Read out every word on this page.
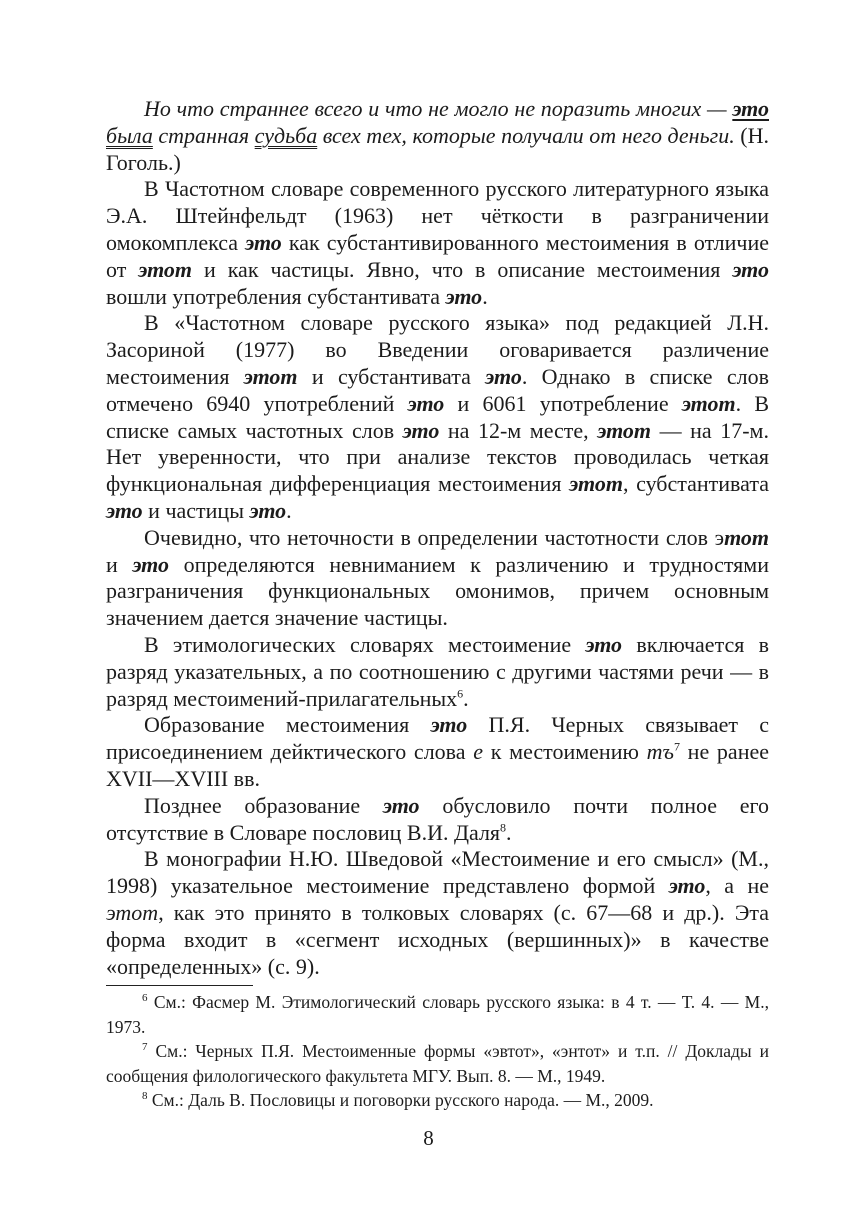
Но что страннее всего и что не могло не поразить многих — это была странная судьба всех тех, которые получали от него деньги. (Н. Гоголь.)

В Частотном словаре современного русского литературного языка Э.А. Штейнфельдт (1963) нет чёткости в разграничении омокомплекса это как субстантивированного местоимения в отличие от этот и как частицы. Явно, что в описание местоимения это вошли употребления субстантивата это.

В «Частотном словаре русского языка» под редакцией Л.Н. Засориной (1977) во Введении оговаривается различение местоимения этот и субстантивата это. Однако в списке слов отмечено 6940 употреблений это и 6061 употребление этот. В списке самых частотных слов это на 12-м месте, этот — на 17-м. Нет уверенности, что при анализе текстов проводилась четкая функциональная дифференциация местоимения этот, субстантивата это и частицы это.

Очевидно, что неточности в определении частотности слов этот и это определяются невниманием к различению и трудностями разграничения функциональных омонимов, причем основным значением дается значение частицы.

В этимологических словарях местоимение это включается в разряд указательных, а по соотношению с другими частями речи — в разряд местоимений-прилагательных$^6$.

Образование местоимения это П.Я. Черных связывает с присоединением дейктического слова е к местоимению тъ$^7$ не ранее XVII—XVIII вв.

Позднее образование это обусловило почти полное его отсутствие в Словаре пословиц В.И. Даля$^8$.

В монографии Н.Ю. Шведовой «Местоимение и его смысл» (М., 1998) указательное местоимение представлено формой это, а не этот, как это принято в толковых словарях (с. 67—68 и др.). Эта форма входит в «сегмент исходных (вершинных)» в качестве «определенных» (с. 9).

$^6$ См.: Фасмер М. Этимологический словарь русского языка: в 4 т. — Т. 4. — М., 1973.

$^7$ См.: Черных П.Я. Местоименные формы «эвтот», «энтот» и т.п. // Доклады и сообщения филологического факультета МГУ. Вып. 8. — М., 1949.

$^8$ См.: Даль В. Пословицы и поговорки русского народа. — М., 2009.

8
